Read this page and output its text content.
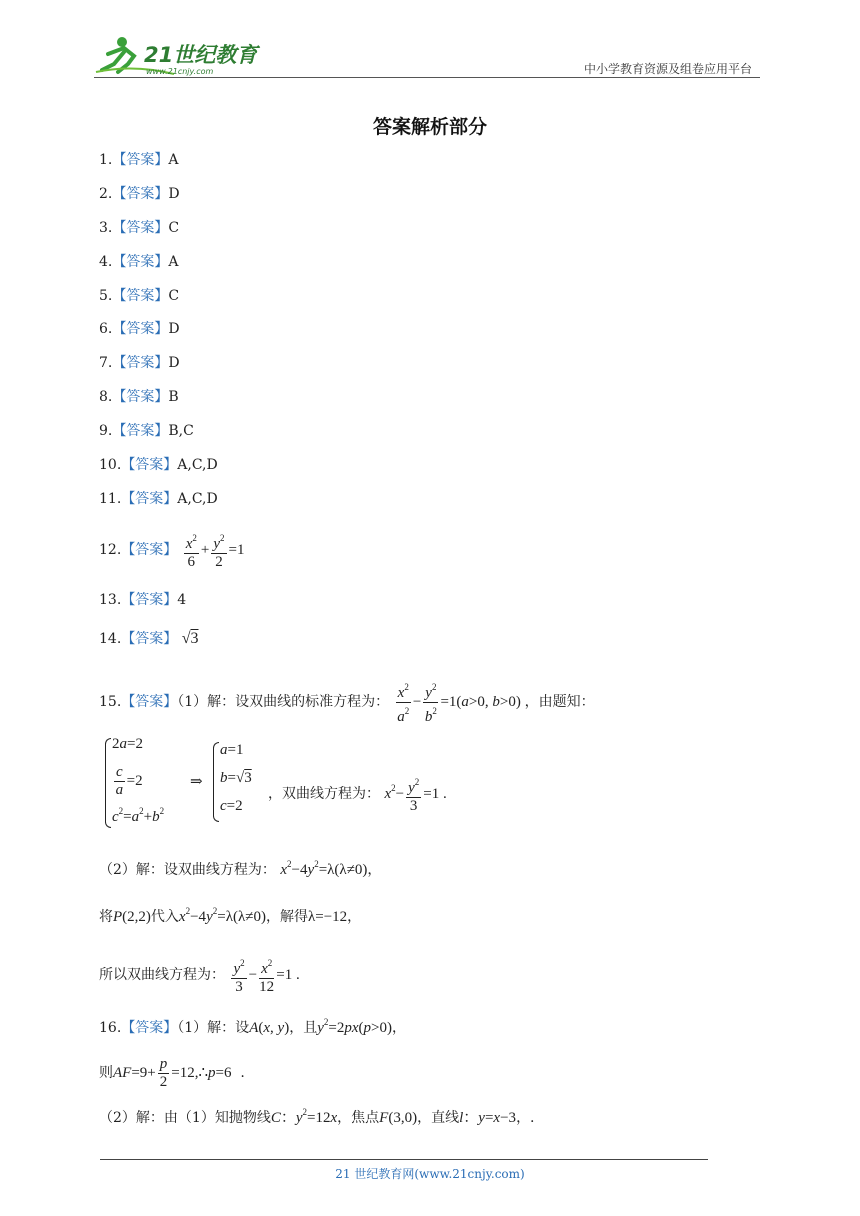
21世纪教育
www.21cnjy.com	中小学教育资源及组卷应用平台
答案解析部分
1.【答案】A
2.【答案】D
3.【答案】C
4.【答案】A
5.【答案】C
6.【答案】D
7.【答案】D
8.【答案】B
9.【答案】B,C
10.【答案】A,C,D
11.【答案】A,C,D
12.【答案】 $\frac{x^2}{6} + \frac{y^2}{2} =1$
13.【答案】4
14.【答案】 √3
15.【答案】（1）解：设双曲线的标准方程为： $\frac{x^2}{a^2} - \frac{y^2}{b^2} =1(a>0$, b>0) ，由题知：
2a=2
$\frac{c}{a} =2$
$c^2=a^2+b^2$
⇒
a=1
b=√3
c=2
，双曲线方程为： $x^2- \frac{y^2}{3} =1$ .
（2）解：设双曲线方程为： $x^2-4y^2=\lambda(\lambda\ne 0)$，
将P(2,2)代入$x^2-4y^2=\lambda(\lambda\ne 0)$，解得λ=−12，
所以双曲线方程为： $\frac{y^2}{3} - \frac{x^2}{12} =1$ .
16.【答案】（1）解：设A(x, y)，且$y^2=2px(p>0)$，
则$AF=9+ \frac{p}{2}$ =12,∴p=6  .
（2）解：由（1）知抛物线C：$y^2=12x$，焦点F(3,0)，直线l：y=x−3，.
21 世纪教育网(www.21cnjy.com)
